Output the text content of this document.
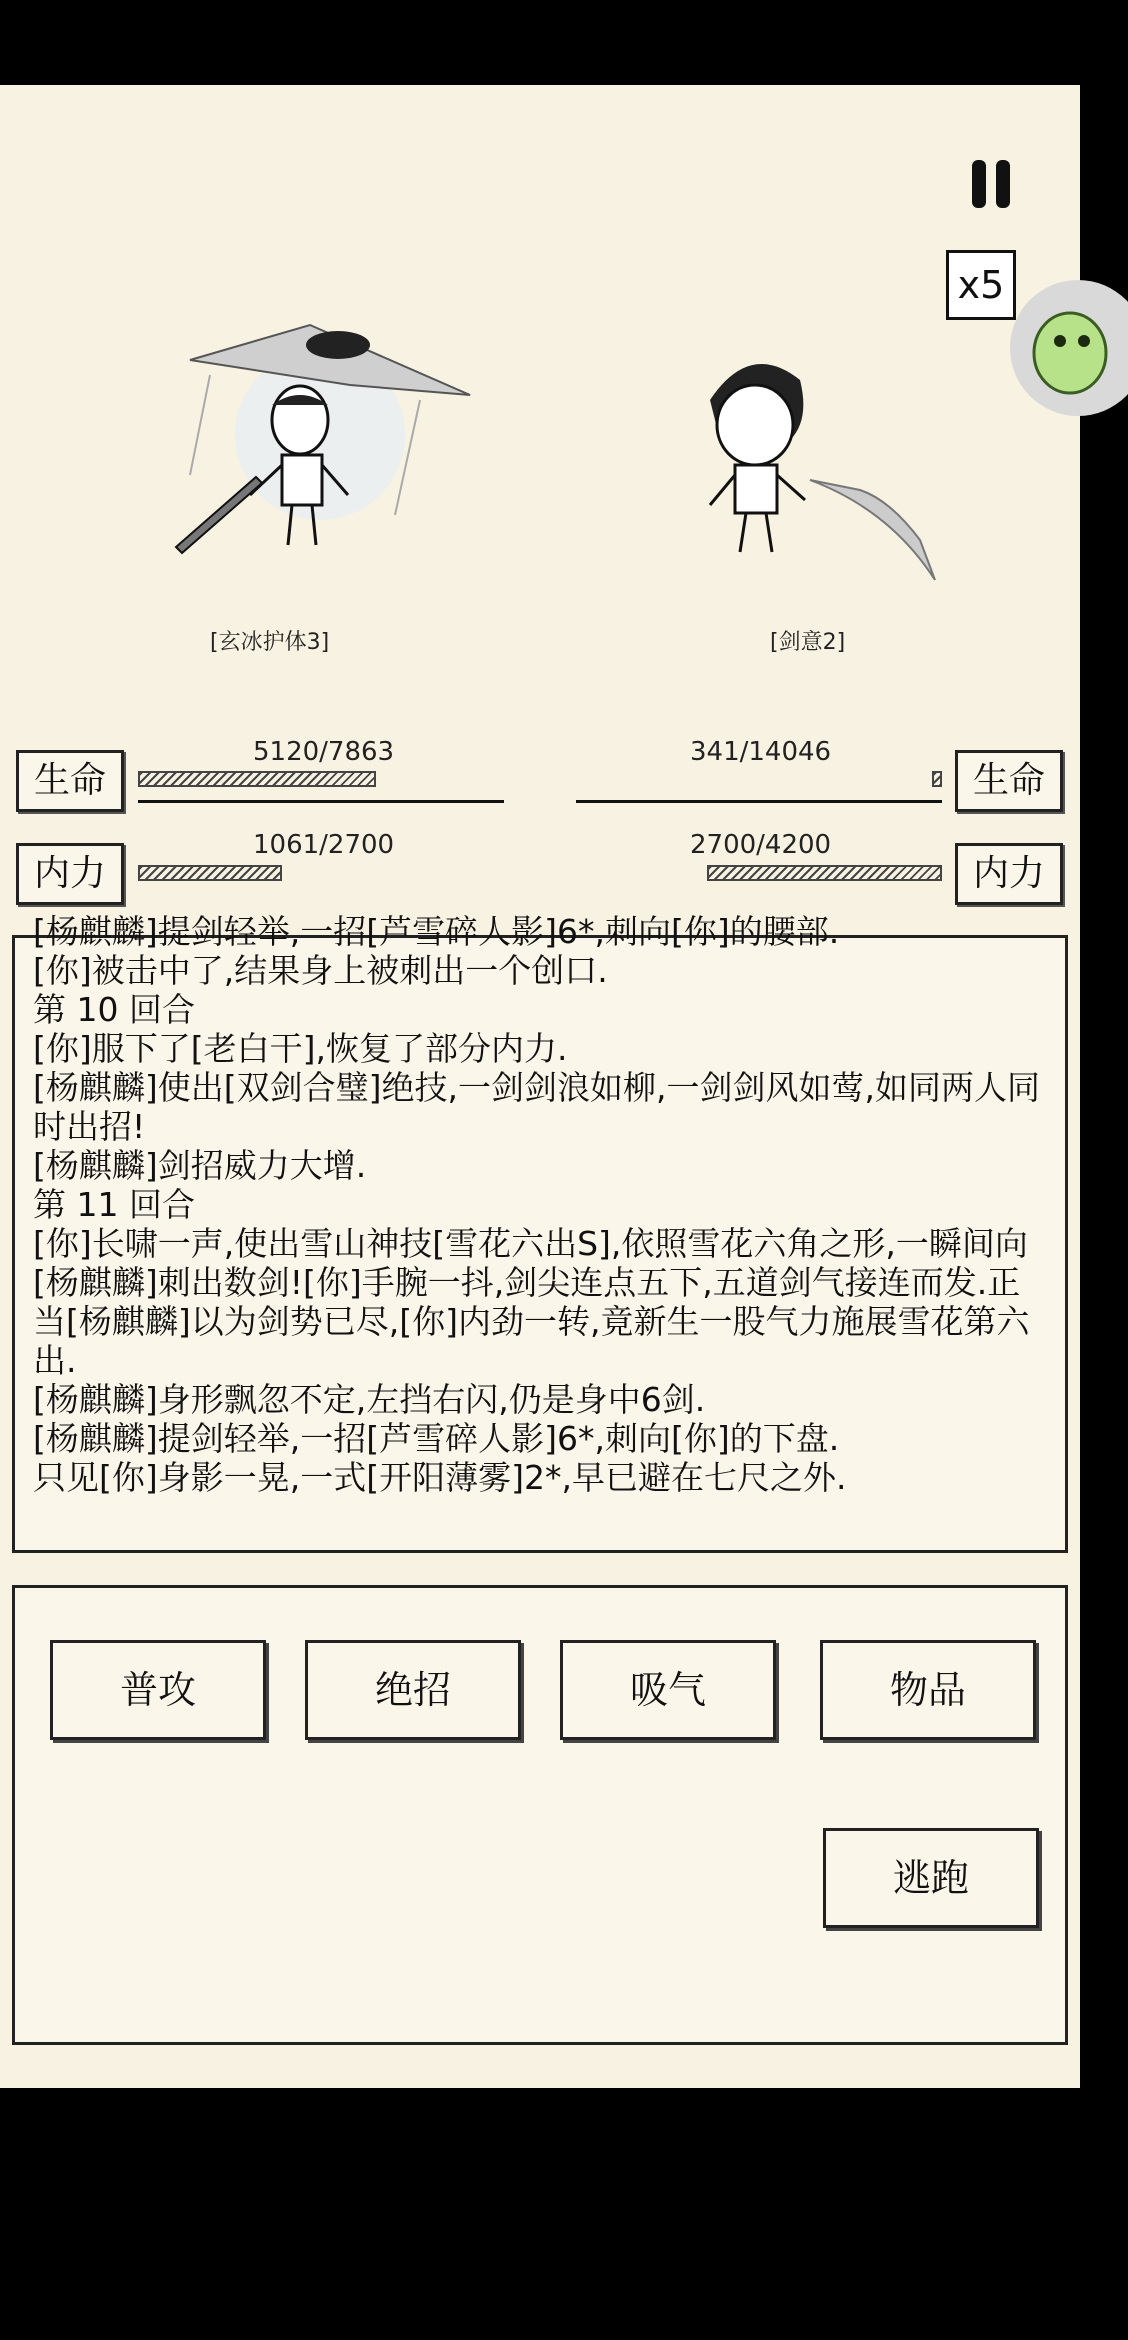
x5
[玄冰护体3]	[剑意2]
生命
5120/7863
内力
1061/2700
生命
341/14046
内力
2700/4200

[杨麒麟]提剑轻举,一招[芦雪碎人影]6*,刺向[你]的腰部.

[你]被击中了,结果身上被刺出一个创口.

第 10 回合

[你]服下了[老白干],恢复了部分内力.

[杨麒麟]使出[双剑合璧]绝技,一剑剑浪如柳,一剑剑风如莺,如同两人同时出招!

[杨麒麟]剑招威力大增.

第 11 回合

[你]长啸一声,使出雪山神技[雪花六出S],依照雪花六角之形,一瞬间向[杨麒麟]刺出数剑![你]手腕一抖,剑尖连点五下,五道剑气接连而发.正当[杨麒麟]以为剑势已尽,[你]内劲一转,竟新生一股气力施展雪花第六出.

[杨麒麟]身形飘忽不定,左挡右闪,仍是身中6剑.

[杨麒麟]提剑轻举,一招[芦雪碎人影]6*,刺向[你]的下盘.

只见[你]身影一晃,一式[开阳薄雾]2*,早已避在七尺之外.

普攻	绝招	吸气	物品
逃跑
